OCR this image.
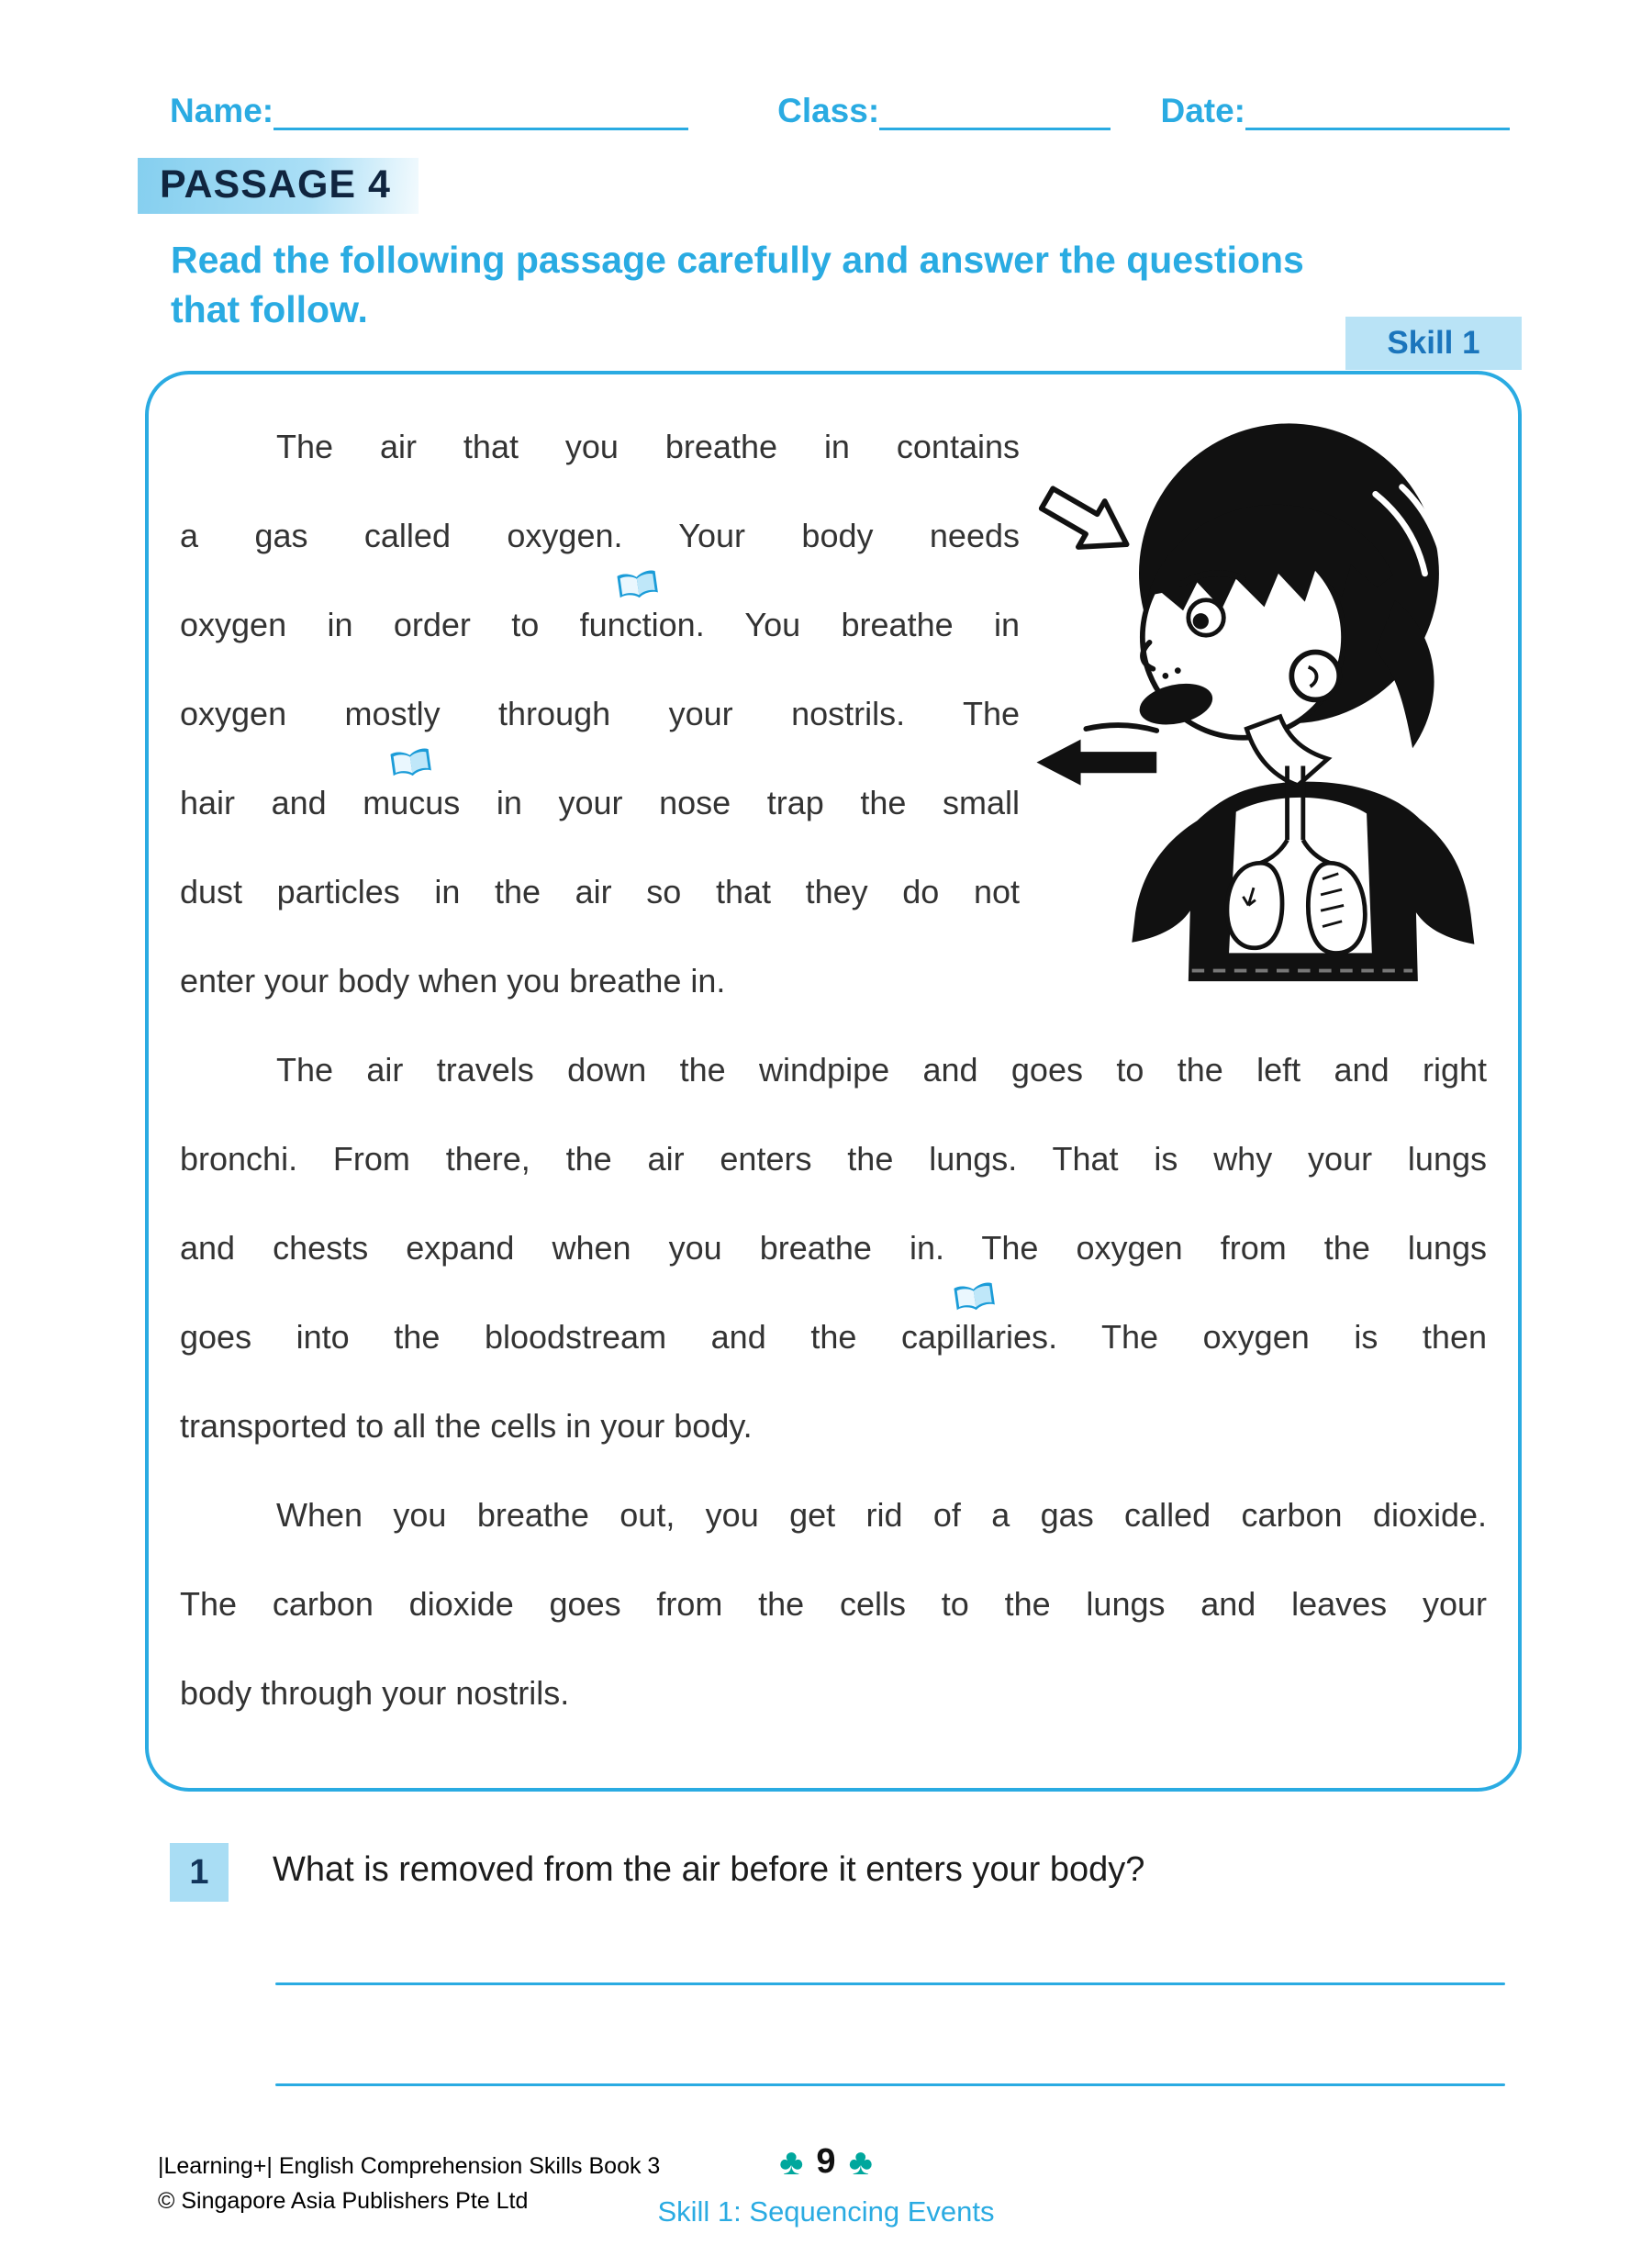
Name:	Class:	Date:
PASSAGE 4
Read the following passage carefully and answer the questions
that follow.
Skill 1
The air that you breathe in contains
a gas called oxygen. Your body needs
oxygen in order to
function. You breathe in
oxygen mostly through your nostrils. The
hair and
mucus in your nose trap the small
dust particles in the air so that they do not
enter your body when you breathe in.
The air travels down the windpipe and goes to the left and right
bronchi. From there, the air enters the lungs. That is why your lungs
and chests expand when you breathe in. The oxygen from the lungs
goes into the bloodstream and the
capillaries. The oxygen is then
transported to all the cells in your body.
When you breathe out, you get rid of a gas called carbon dioxide.
The carbon dioxide goes from the cells to the lungs and leaves your
body through your nostrils.
1	What is removed from the air before it enters your body?
|Learning+| English Comprehension Skills Book 3
© Singapore Asia Publishers Pte Ltd
♣ 9 ♣
Skill 1: Sequencing Events
